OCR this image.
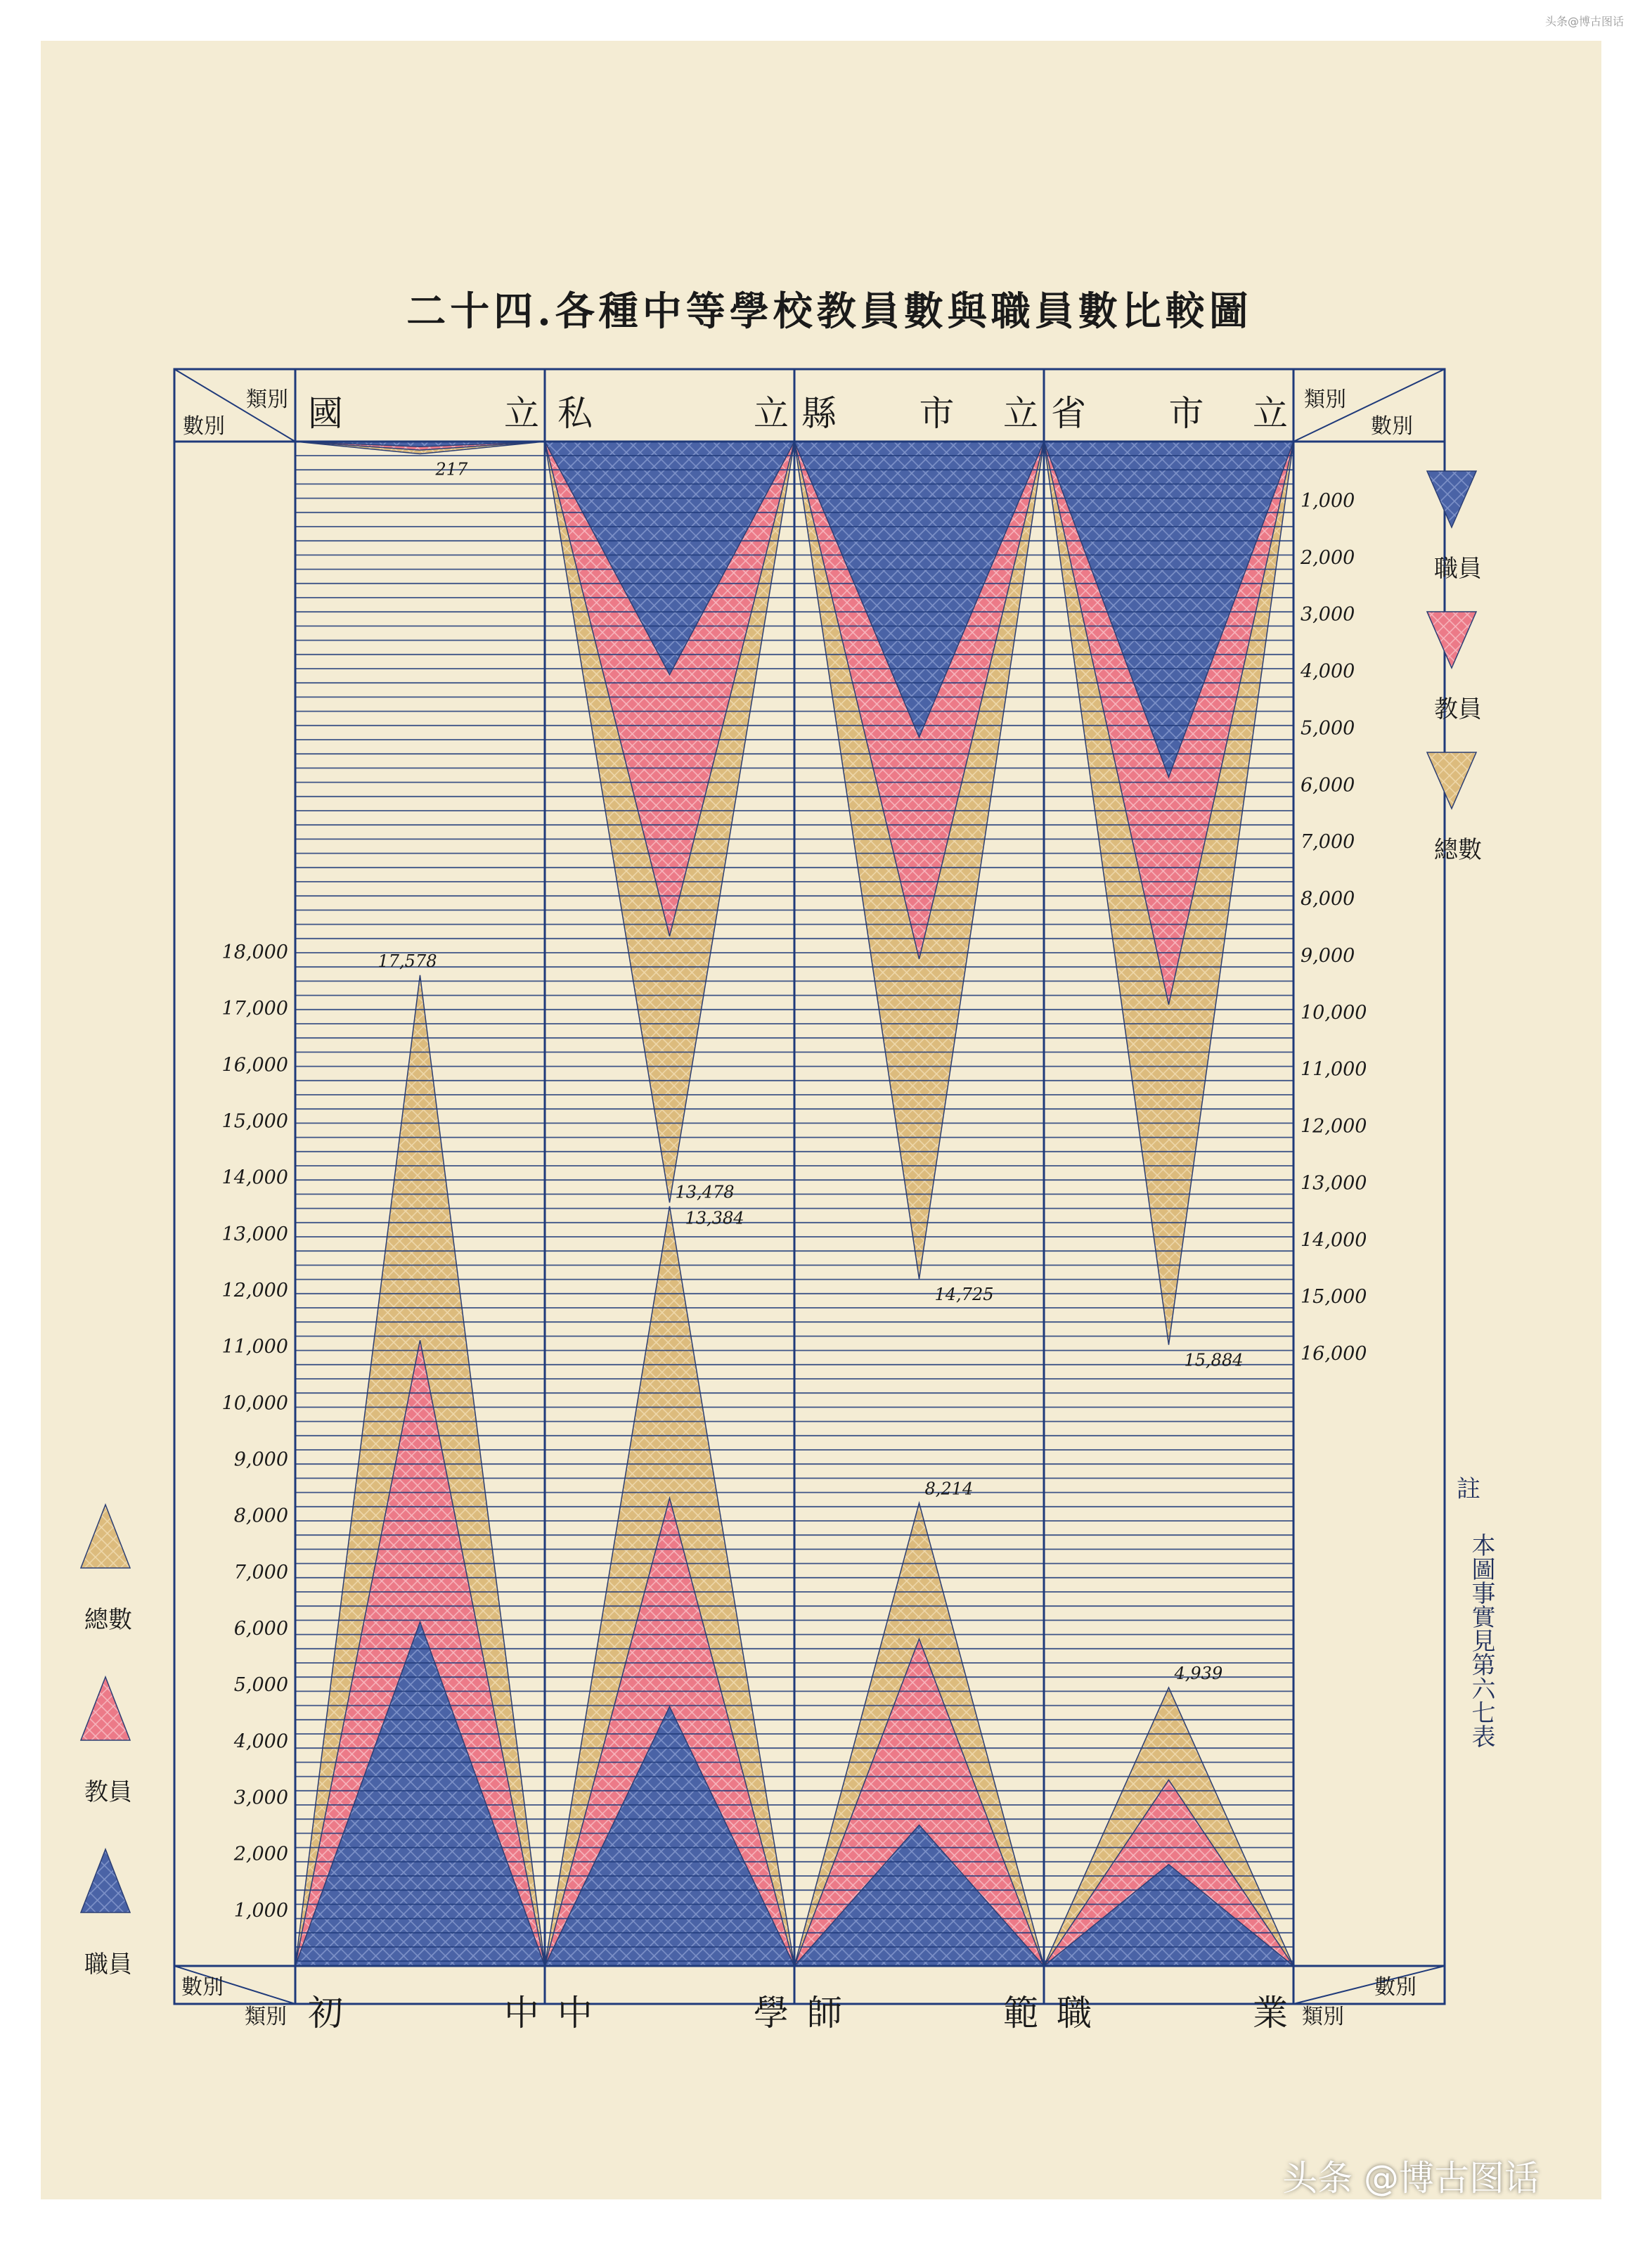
头条@博古图话
二十四.各種中等學校教員數與職員數比較圖
類別
數別
類別
數別
數別
類別
數別
類別
國	立 私	立 縣 市 立 省 市 立
初	中 中	學 師	範 職	業
1,000
2,000
3,000
4,000
5,000
6,000
7,000
8,000
9,000
10,000
11,000
12,000
13,000
14,000
15,000
16,000
1,000
2,000
3,000
4,000
5,000
6,000
7,000
8,000
9,000
10,000
11,000
12,000
13,000
14,000
15,000
16,000
17,000
18,000
217
13,384
14,725
15,884
17,578
13,478
8,214
4,939
職員
教員
總數
總數
教員
職員
註
本圖事實見第六七表
头条 @博古图话
